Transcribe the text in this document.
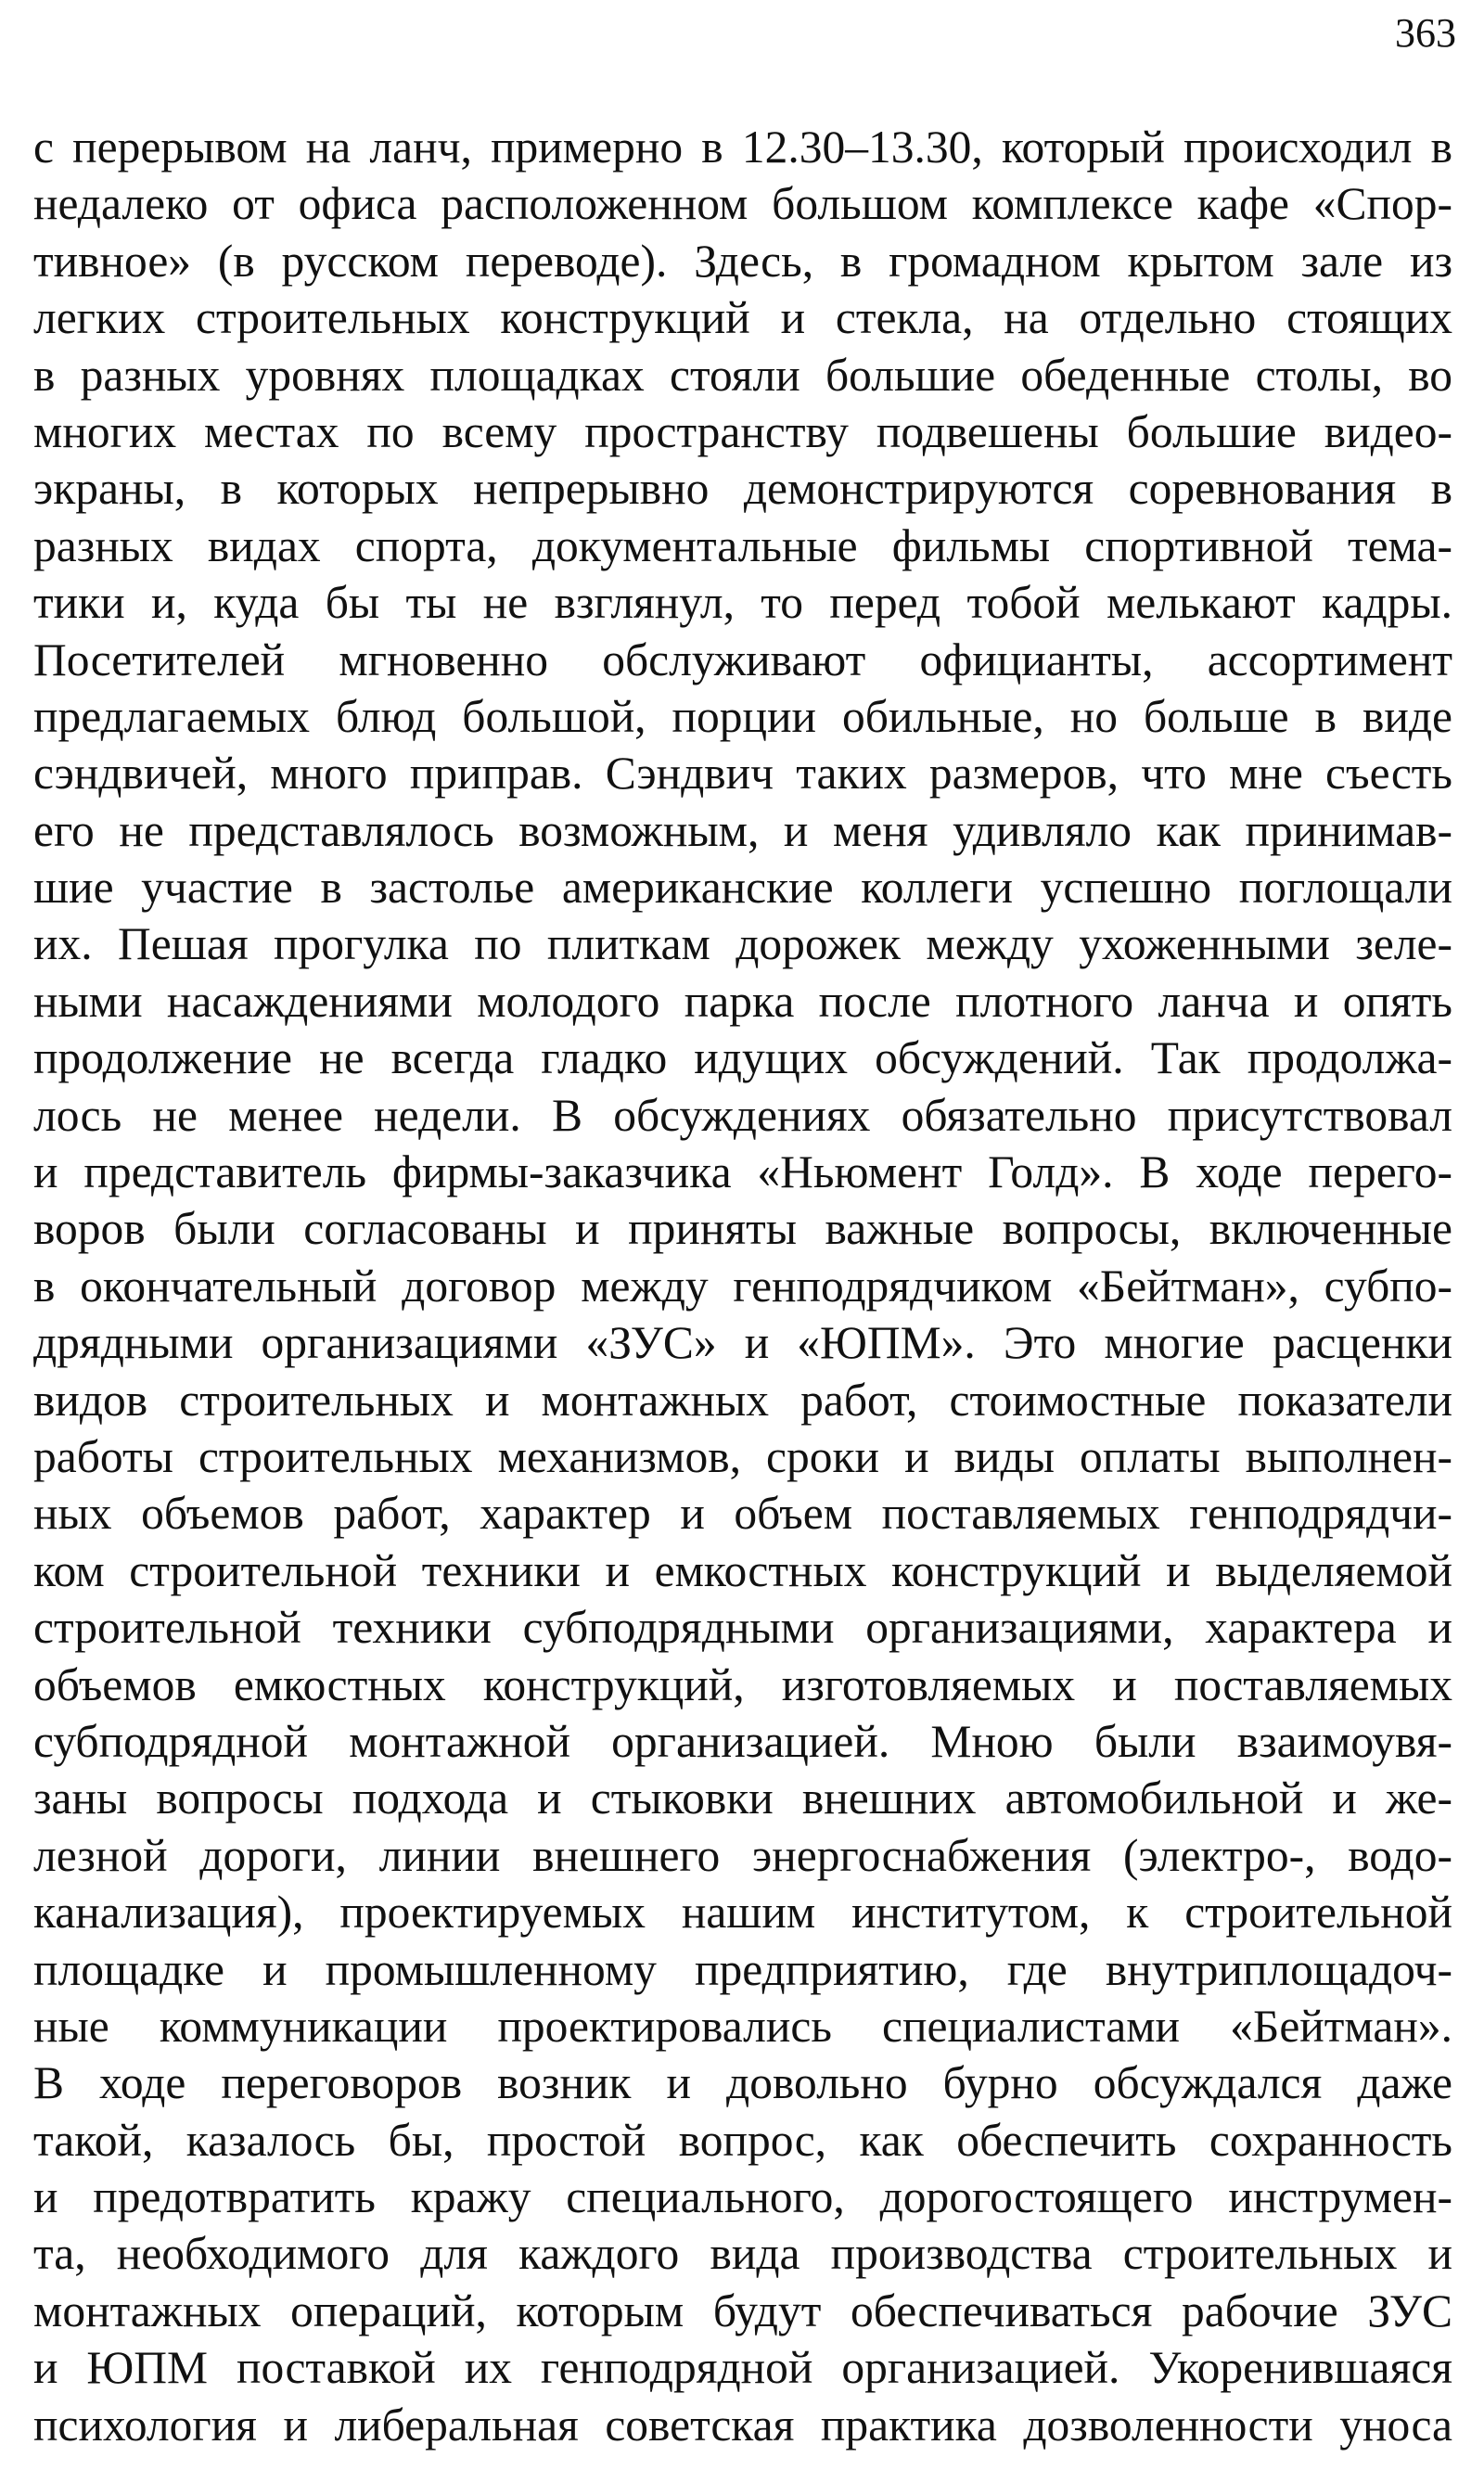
363
с перерывом на ланч, примерно в 12.30–13.30, который происходил в
недалеко от офиса расположенном большом комплексе кафе «Спор-
тивное» (в русском переводе). Здесь, в громадном крытом зале из
легких строительных конструкций и стекла, на отдельно стоящих
в разных уровнях площадках стояли большие обеденные столы, во
многих местах по всему пространству подвешены большие видео-
экраны, в которых непрерывно демонстрируются соревнования в
разных видах спорта, документальные фильмы спортивной тема-
тики и, куда бы ты не взглянул, то перед тобой мелькают кадры.
Посетителей мгновенно обслуживают официанты, ассортимент
предлагаемых блюд большой, порции обильные, но больше в виде
сэндвичей, много приправ. Сэндвич таких размеров, что мне съесть
его не представлялось возможным, и меня удивляло как принимав-
шие участие в застолье американские коллеги успешно поглощали
их. Пешая прогулка по плиткам дорожек между ухоженными зеле-
ными насаждениями молодого парка после плотного ланча и опять
продолжение не всегда гладко идущих обсуждений. Так продолжа-
лось не менее недели. В обсуждениях обязательно присутствовал
и представитель фирмы-заказчика «Ньюмент Голд». В ходе перего-
воров были согласованы и приняты важные вопросы, включенные
в окончательный договор между генподрядчиком «Бейтман», субпо-
дрядными организациями «ЗУС» и «ЮПМ». Это многие расценки
видов строительных и монтажных работ, стоимостные показатели
работы строительных механизмов, сроки и виды оплаты выполнен-
ных объемов работ, характер и объем поставляемых генподрядчи-
ком строительной техники и емкостных конструкций и выделяемой
строительной техники субподрядными организациями, характера и
объемов емкостных конструкций, изготовляемых и поставляемых
субподрядной монтажной организацией. Мною были взаимоувя-
заны вопросы подхода и стыковки внешних автомобильной и же-
лезной дороги, линии внешнего энергоснабжения (электро-, водо-
канализация), проектируемых нашим институтом, к строительной
площадке и промышленному предприятию, где внутриплощадоч-
ные коммуникации проектировались специалистами «Бейтман».
В ходе переговоров возник и довольно бурно обсуждался даже
такой, казалось бы, простой вопрос, как обеспечить сохранность
и предотвратить кражу специального, дорогостоящего инструмен-
та, необходимого для каждого вида производства строительных и
монтажных операций, которым будут обеспечиваться рабочие ЗУС
и ЮПМ поставкой их генподрядной организацией. Укоренившаяся
психология и либеральная советская практика дозволенности уноса
